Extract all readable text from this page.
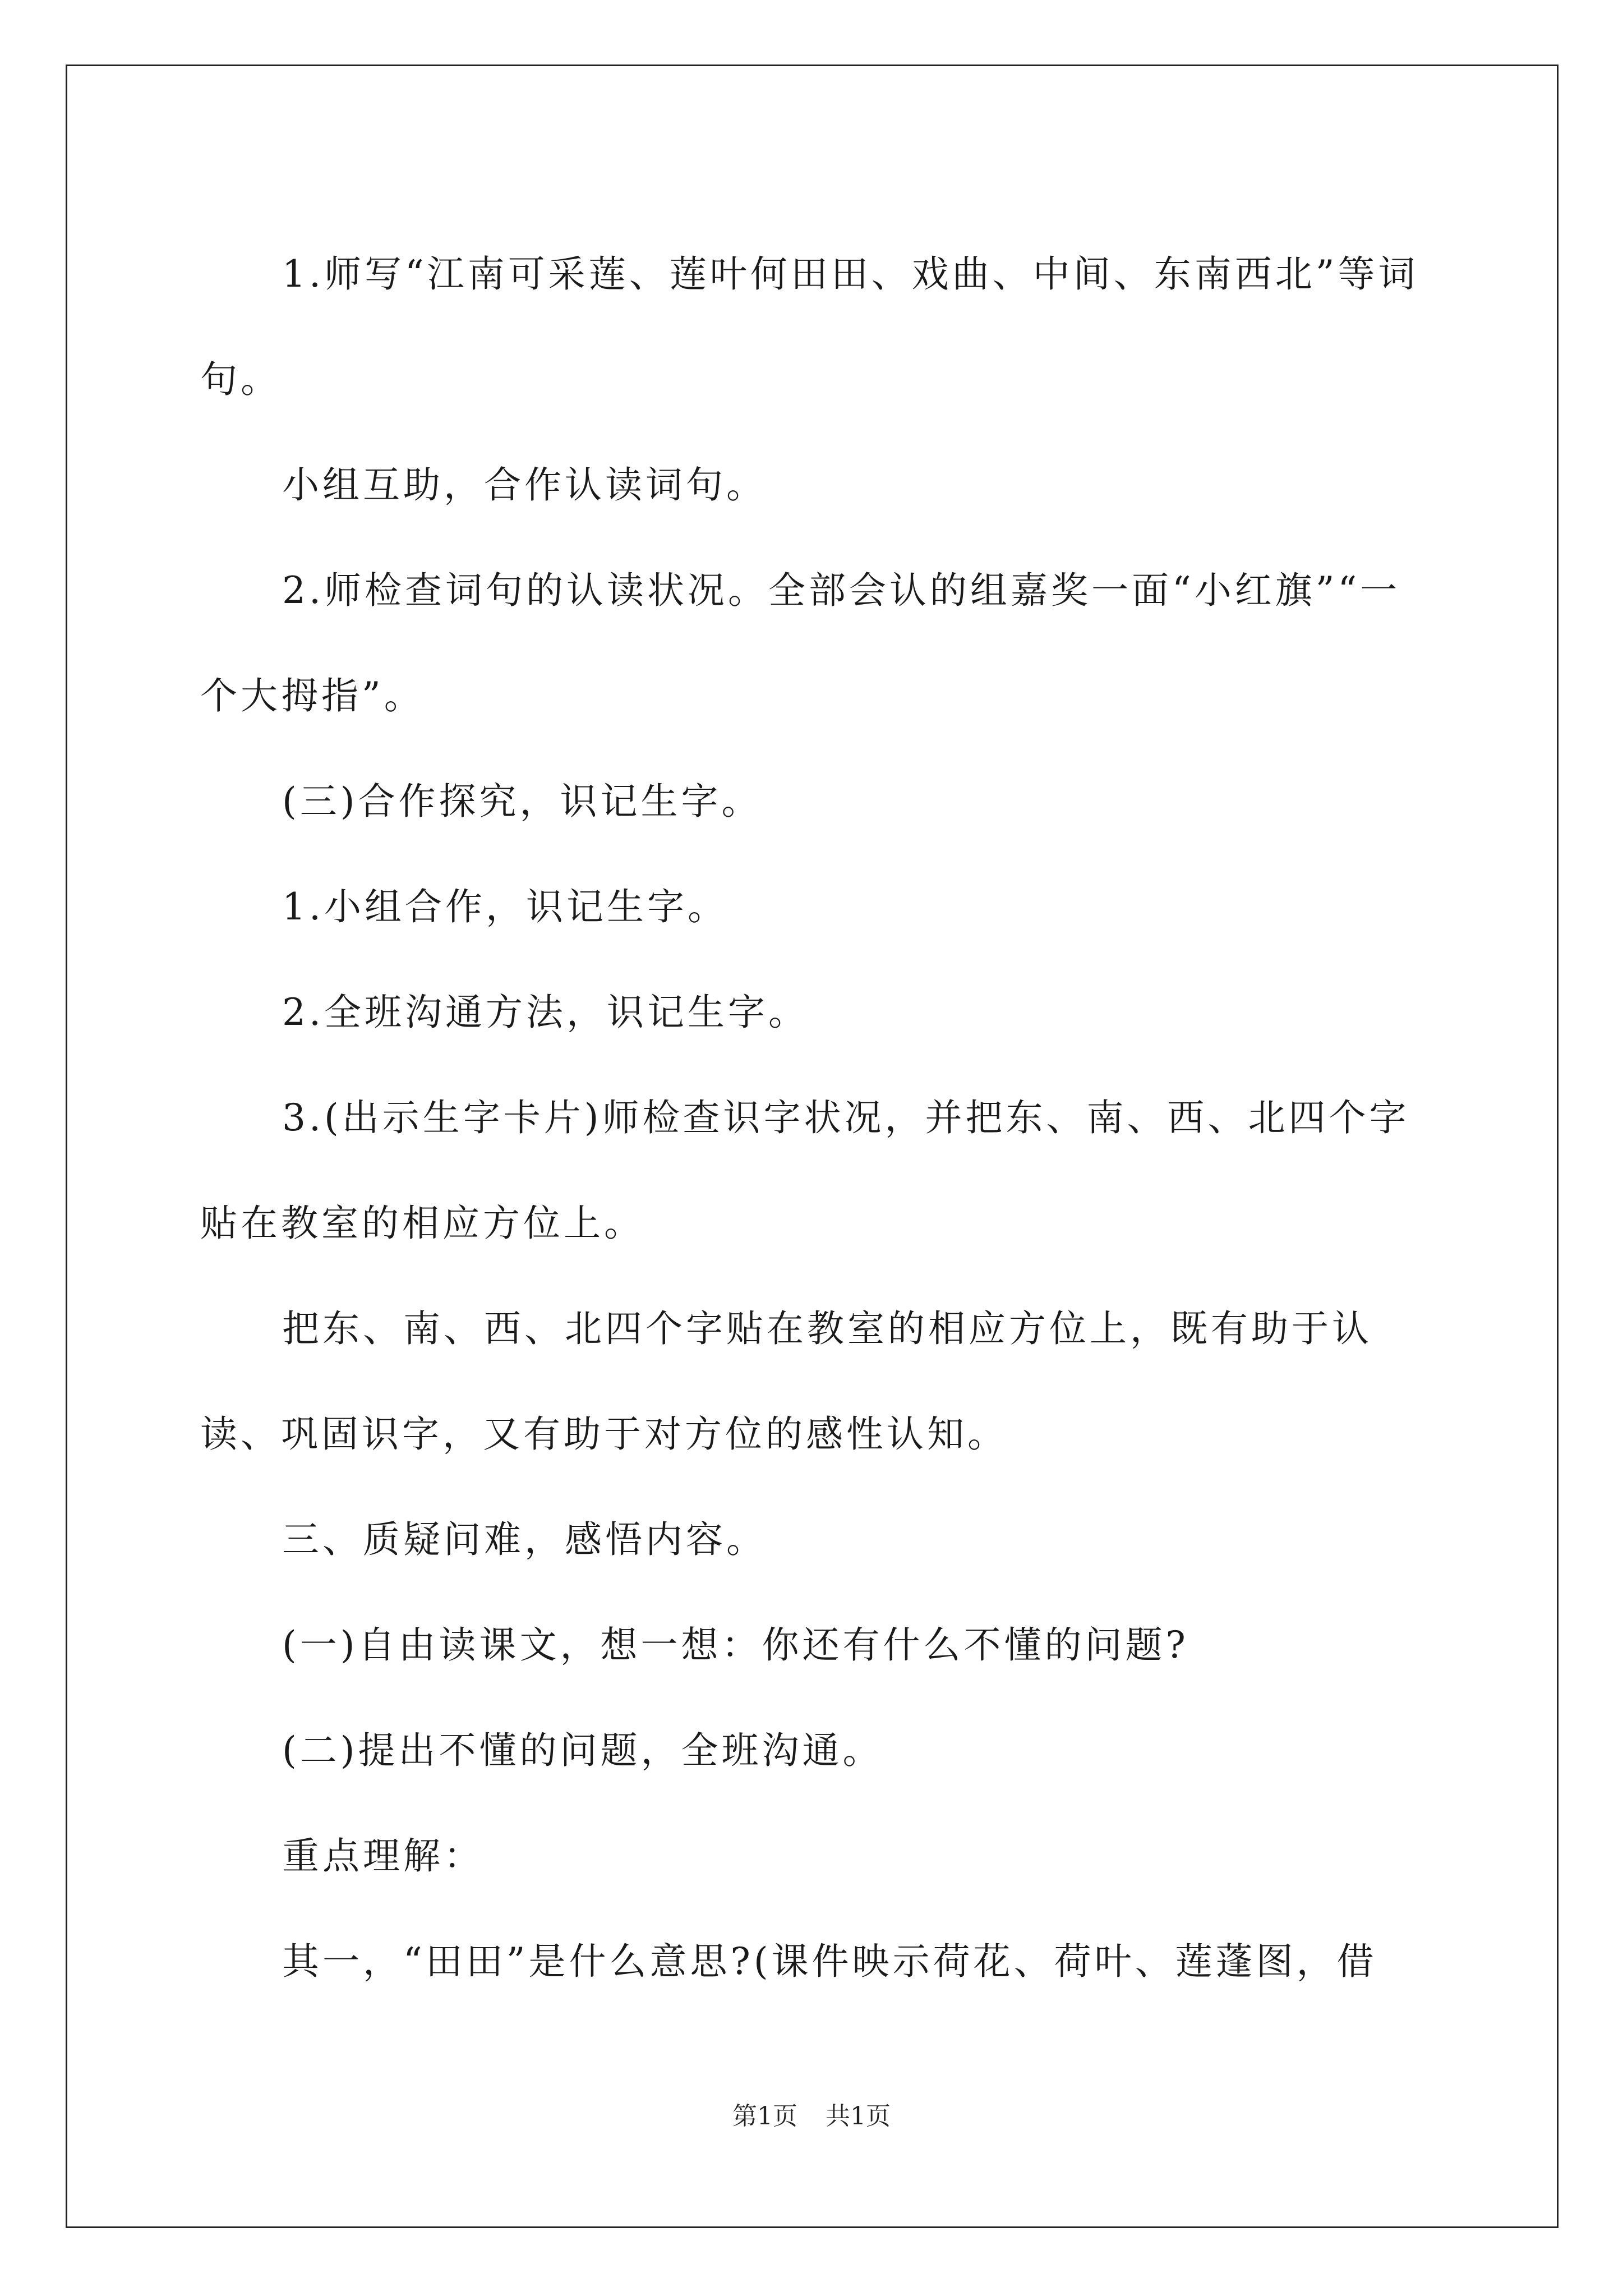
1.师写“江南可采莲、莲叶何田田、戏曲、中间、东南西北”等词句。

小组互助，合作认读词句。

2.师检查词句的认读状况。全部会认的组嘉奖一面“小红旗”“一个大拇指”。

(三)合作探究，识记生字。

1.小组合作，识记生字。

2.全班沟通方法，识记生字。

3.(出示生字卡片)师检查识字状况，并把东、南、西、北四个字贴在教室的相应方位上。

把东、南、西、北四个字贴在教室的相应方位上，既有助于认读、巩固识字，又有助于对方位的感性认知。

三、质疑问难，感悟内容。

(一)自由读课文，想一想：你还有什么不懂的问题?

(二)提出不懂的问题，全班沟通。

重点理解：

其一，“田田”是什么意思?(课件映示荷花、荷叶、莲蓬图，借

第1页 共1页
